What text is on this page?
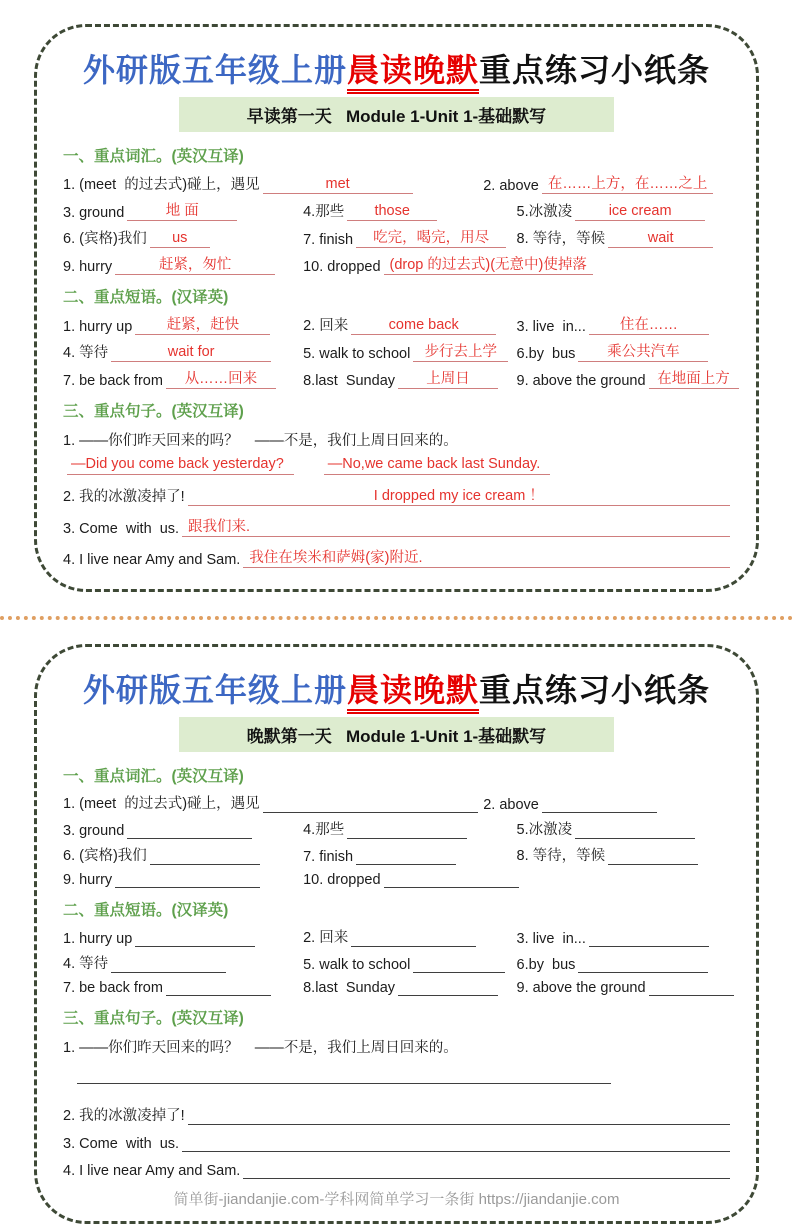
外研版五年级上册晨读晚默重点练习小纸条
早读第一天   Module 1-Unit 1-基础默写
一、重点词汇。(英汉互译)
1. (meet  的过去式)碰上，遇见	met	2. above 在……上方，在……之上
3. ground	地 面	4.那些	those	5.冰激凌	ice cream
6. (宾格)我们	us	7. finish	吃完，喝完，用尽	8. 等待，等候	wait
9. hurry	赶紧，匆忙	10. dropped (drop 的过去式)(无意中)使掉落
二、重点短语。(汉译英)
1. hurry up	赶紧，赶快	2. 回来	come back	3. live  in...	住在……
4. 等待	wait for	5. walk to school 步行去上学	6.by  bus	乘公共汽车
7. be back from	从……回来	8.last  Sunday	上周日	9. above the ground 在地面上方
三、重点句子。(英汉互译)
1. ——你们昨天回来的吗？    ——不是，我们上周日回来的。
—Did you come back yesterday?	—No,we came back last Sunday.
2. 我的冰激凌掉了!	I dropped my ice cream ！
3. Come  with  us. 跟我们来.
4. I live near Amy and Sam. 我住在埃米和萨姆(家)附近.
外研版五年级上册晨读晚默重点练习小纸条
晚默第一天   Module 1-Unit 1-基础默写
一、重点词汇。(英汉互译)
1. (meet  的过去式)碰上，遇见	2. above
3. ground	4.那些	5.冰激凌
6. (宾格)我们	7. finish	8. 等待，等候
9. hurry	10. dropped
二、重点短语。(汉译英)
1. hurry up	2. 回来	3. live  in...
4. 等待	5. walk to school	6.by  bus
7. be back from	8.last  Sunday	9. above the ground
三、重点句子。(英汉互译)
1. ——你们昨天回来的吗？    ——不是，我们上周日回来的。
2. 我的冰激凌掉了!
3. Come  with  us.
4. I live near Amy and Sam.
简单街-jiandanjie.com-学科网简单学习一条街 https://jiandanjie.com
